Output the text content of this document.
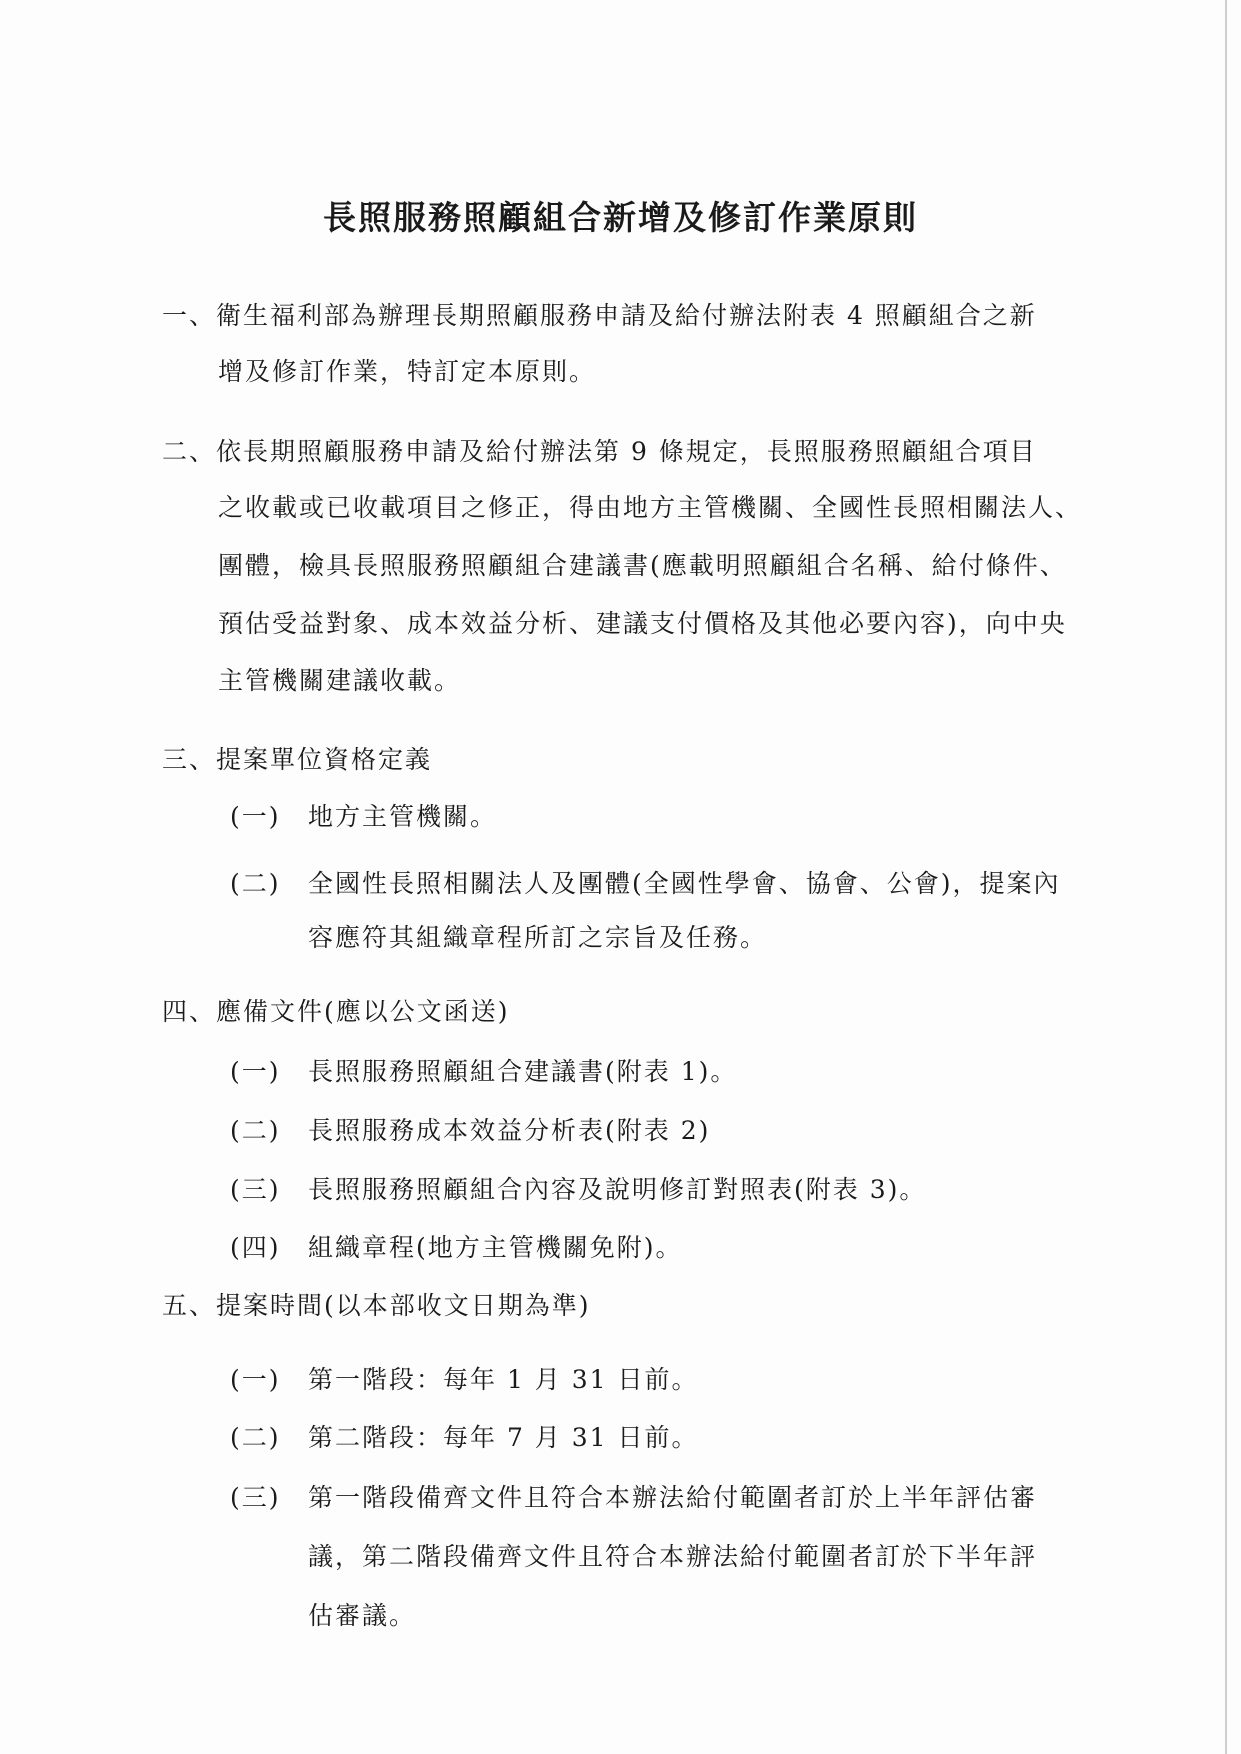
長照服務照顧組合新增及修訂作業原則
一、衛生福利部為辦理長期照顧服務申請及給付辦法附表 4 照顧組合之新
增及修訂作業，特訂定本原則。
二、依長期照顧服務申請及給付辦法第 9 條規定，長照服務照顧組合項目
之收載或已收載項目之修正，得由地方主管機關、全國性長照相關法人、
團體，檢具長照服務照顧組合建議書(應載明照顧組合名稱、給付條件、
預估受益對象、成本效益分析、建議支付價格及其他必要內容)，向中央
主管機關建議收載。
三、提案單位資格定義
(一) 地方主管機關。
(二) 全國性長照相關法人及團體(全國性學會、協會、公會)，提案內
容應符其組織章程所訂之宗旨及任務。
四、應備文件(應以公文函送)
(一) 長照服務照顧組合建議書(附表 1)。
(二) 長照服務成本效益分析表(附表 2)
(三) 長照服務照顧組合內容及說明修訂對照表(附表 3)。
(四) 組織章程(地方主管機關免附)。
五、提案時間(以本部收文日期為準)
(一) 第一階段：每年 1 月 31 日前。
(二) 第二階段：每年 7 月 31 日前。
(三) 第一階段備齊文件且符合本辦法給付範圍者訂於上半年評估審
議，第二階段備齊文件且符合本辦法給付範圍者訂於下半年評
估審議。
